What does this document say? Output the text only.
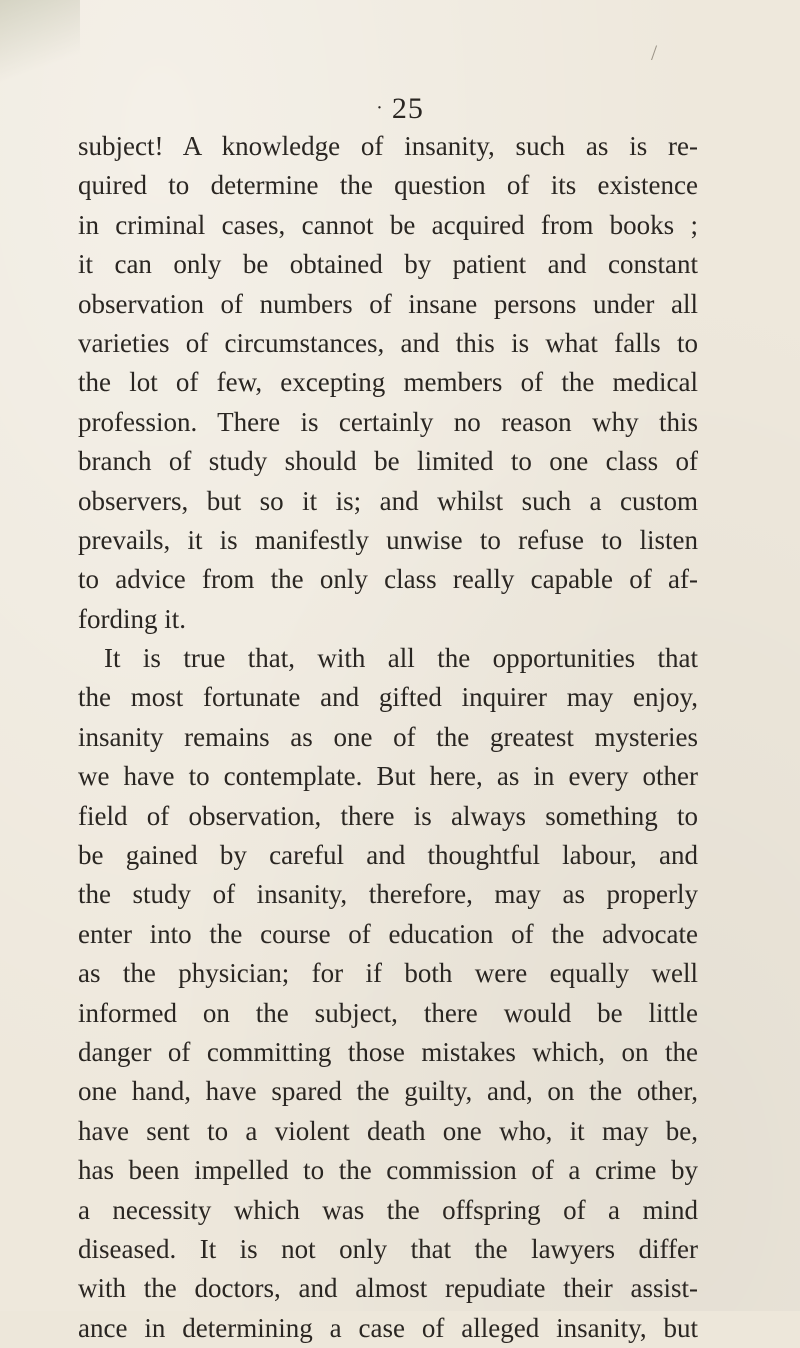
/
· 25
subject! A knowledge of insanity, such as is re-
quired to determine the question of its existence
in criminal cases, cannot be acquired from books ;
it can only be obtained by patient and constant
observation of numbers of insane persons under all
varieties of circumstances, and this is what falls to
the lot of few, excepting members of the medical
profession. There is certainly no reason why this
branch of study should be limited to one class of
observers, but so it is; and whilst such a custom
prevails, it is manifestly unwise to refuse to listen
to advice from the only class really capable of af-
fording it.
It is true that, with all the opportunities that
the most fortunate and gifted inquirer may enjoy,
insanity remains as one of the greatest mysteries
we have to contemplate. But here, as in every other
field of observation, there is always something to
be gained by careful and thoughtful labour, and
the study of insanity, therefore, may as properly
enter into the course of education of the advocate
as the physician; for if both were equally well
informed on the subject, there would be little
danger of committing those mistakes which, on the
one hand, have spared the guilty, and, on the other,
have sent to a violent death one who, it may be,
has been impelled to the commission of a crime by
a necessity which was the offspring of a mind
diseased. It is not only that the lawyers differ
with the doctors, and almost repudiate their assist-
ance in determining a case of alleged insanity, but
